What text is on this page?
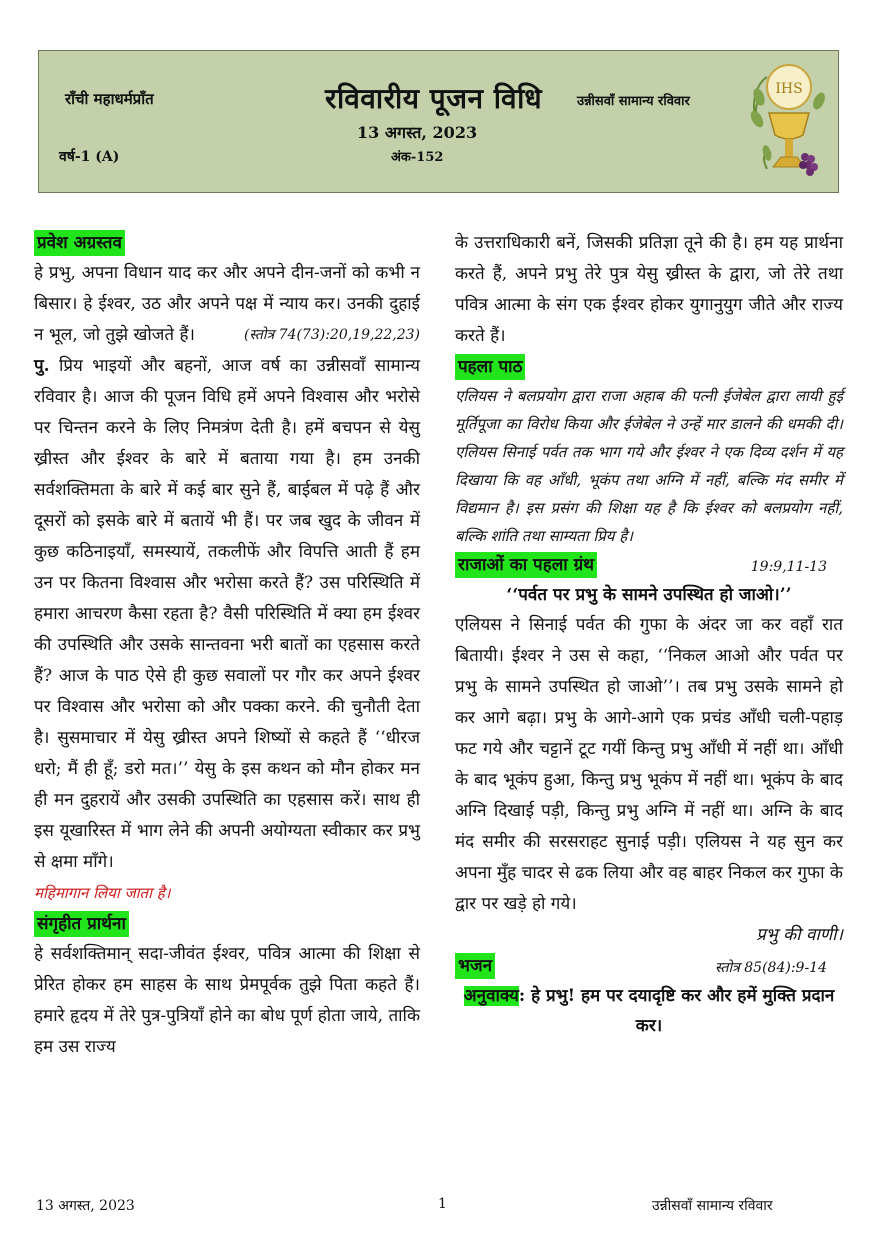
राँची महाधर्मप्राँत
वर्ष-1 (A)
रविवारीय पूजन विधि
13 अगस्त, 2023
अंक-152
उन्नीसवाँ सामान्य रविवार
IHS
प्रवेश अग्रस्तव
हे प्रभु, अपना विधान याद कर और अपने दीन-जनों को कभी न बिसार। हे ईश्वर, उठ और अपने पक्ष में न्याय कर। उनकी दुहाई न भूल, जो तुझे खोजते हैं।	(स्तोत्र 74(73):20,19,22,23)
पु. प्रिय भाइयों और बहनों, आज वर्ष का उन्नीसवाँ सामान्य रविवार है। आज की पूजन विधि हमें अपने विश्वास और भरोसे पर चिन्तन करने के लिए निमत्रंण देती है। हमें बचपन से येसु ख्रीस्त और ईश्वर के बारे में बताया गया है। हम उनकी सर्वशक्तिमता के बारे में कई बार सुने हैं, बाईबल में पढ़े हैं और दूसरों को इसके बारे में बतायें भी हैं। पर जब खुद के जीवन में कुछ कठिनाइयाँ, समस्यायें, तकलीफें और विपत्ति आती हैं हम उन पर कितना विश्वास और भरोसा करते हैं? उस परिस्थिति में हमारा आचरण कैसा रहता है? वैसी परिस्थिति में क्या हम ईश्वर की उपस्थिति और उसके सान्तवना भरी बातों का एहसास करते हैं? आज के पाठ ऐसे ही कुछ सवालों पर गौर कर अपने ईश्वर पर विश्वास और भरोसा को और पक्का करने. की चुनौती देता है। सुसमाचार में येसु ख्रीस्त अपने शिष्यों से कहते हैं ‘‘धीरज धरो; मैं ही हूँ; डरो मत।’’ येसु के इस कथन को मौन होकर मन ही मन दुहरायें और उसकी उपस्थिति का एहसास करें। साथ ही इस यूखारिस्त में भाग लेने की अपनी अयोग्यता स्वीकार कर प्रभु से क्षमा माँगे।
महिमागान लिया जाता है।
संगृहीत प्रार्थना
हे सर्वशक्तिमान् सदा-जीवंत ईश्वर, पवित्र आत्मा की शिक्षा से प्रेरित होकर हम साहस के साथ प्रेमपूर्वक तुझे पिता कहते हैं। हमारे हृदय में तेरे पुत्र-पुत्रियाँ होने का बोध पूर्ण होता जाये, ताकि हम उस राज्य
के उत्तराधिकारी बनें, जिसकी प्रतिज्ञा तूने की है। हम यह प्रार्थना करते हैं, अपने प्रभु तेरे पुत्र येसु ख्रीस्त के द्वारा, जो तेरे तथा पवित्र आत्मा के संग एक ईश्वर होकर युगानुयुग जीते और राज्य करते हैं।
पहला पाठ
एलियस ने बलप्रयोग द्वारा राजा अहाब की पत्नी ईजेबेल द्वारा लायी हुई मूर्तिपूजा का विरोध किया और ईजेबेल ने उन्हें मार डालने की धमकी दी। एलियस सिनाई पर्वत तक भाग गये और ईश्वर ने एक दिव्य दर्शन में यह दिखाया कि वह आँधी, भूकंप तथा अग्नि में नहीं, बल्कि मंद समीर में विद्यमान है। इस प्रसंग की शिक्षा यह है कि ईश्वर को बलप्रयोग नहीं, बल्कि शांति तथा साम्यता प्रिय है।
राजाओं का पहला ग्रंथ	19:9,11-13
‘‘पर्वत पर प्रभु के सामने उपस्थित हो जाओ।’’
एलियस ने सिनाई पर्वत की गुफा के अंदर जा कर वहाँ रात बितायी। ईश्वर ने उस से कहा, ‘‘निकल आओ और पर्वत पर प्रभु के सामने उपस्थित हो जाओ’’। तब प्रभु उसके सामने हो कर आगे बढ़ा। प्रभु के आगे-आगे एक प्रचंड आँधी चली-पहाड़ फट गये और चट्टानें टूट गयीं किन्तु प्रभु आँधी में नहीं था। आँधी के बाद भूकंप हुआ, किन्तु प्रभु भूकंप में नहीं था। भूकंप के बाद अग्नि दिखाई पड़ी, किन्तु प्रभु अग्नि में नहीं था। अग्नि के बाद मंद समीर की सरसराहट सुनाई पड़ी। एलियस ने यह सुन कर अपना मुँह चादर से ढक लिया और वह बाहर निकल कर गुफा के द्वार पर खड़े हो गये।
प्रभु की वाणी।
भजन	स्तोत्र 85(84):9-14
अनुवाक्य: हे प्रभु! हम पर दयादृष्टि कर और हमें मुक्ति प्रदान कर।
13 अगस्त, 2023	1	उन्नीसवाँ सामान्य रविवार
